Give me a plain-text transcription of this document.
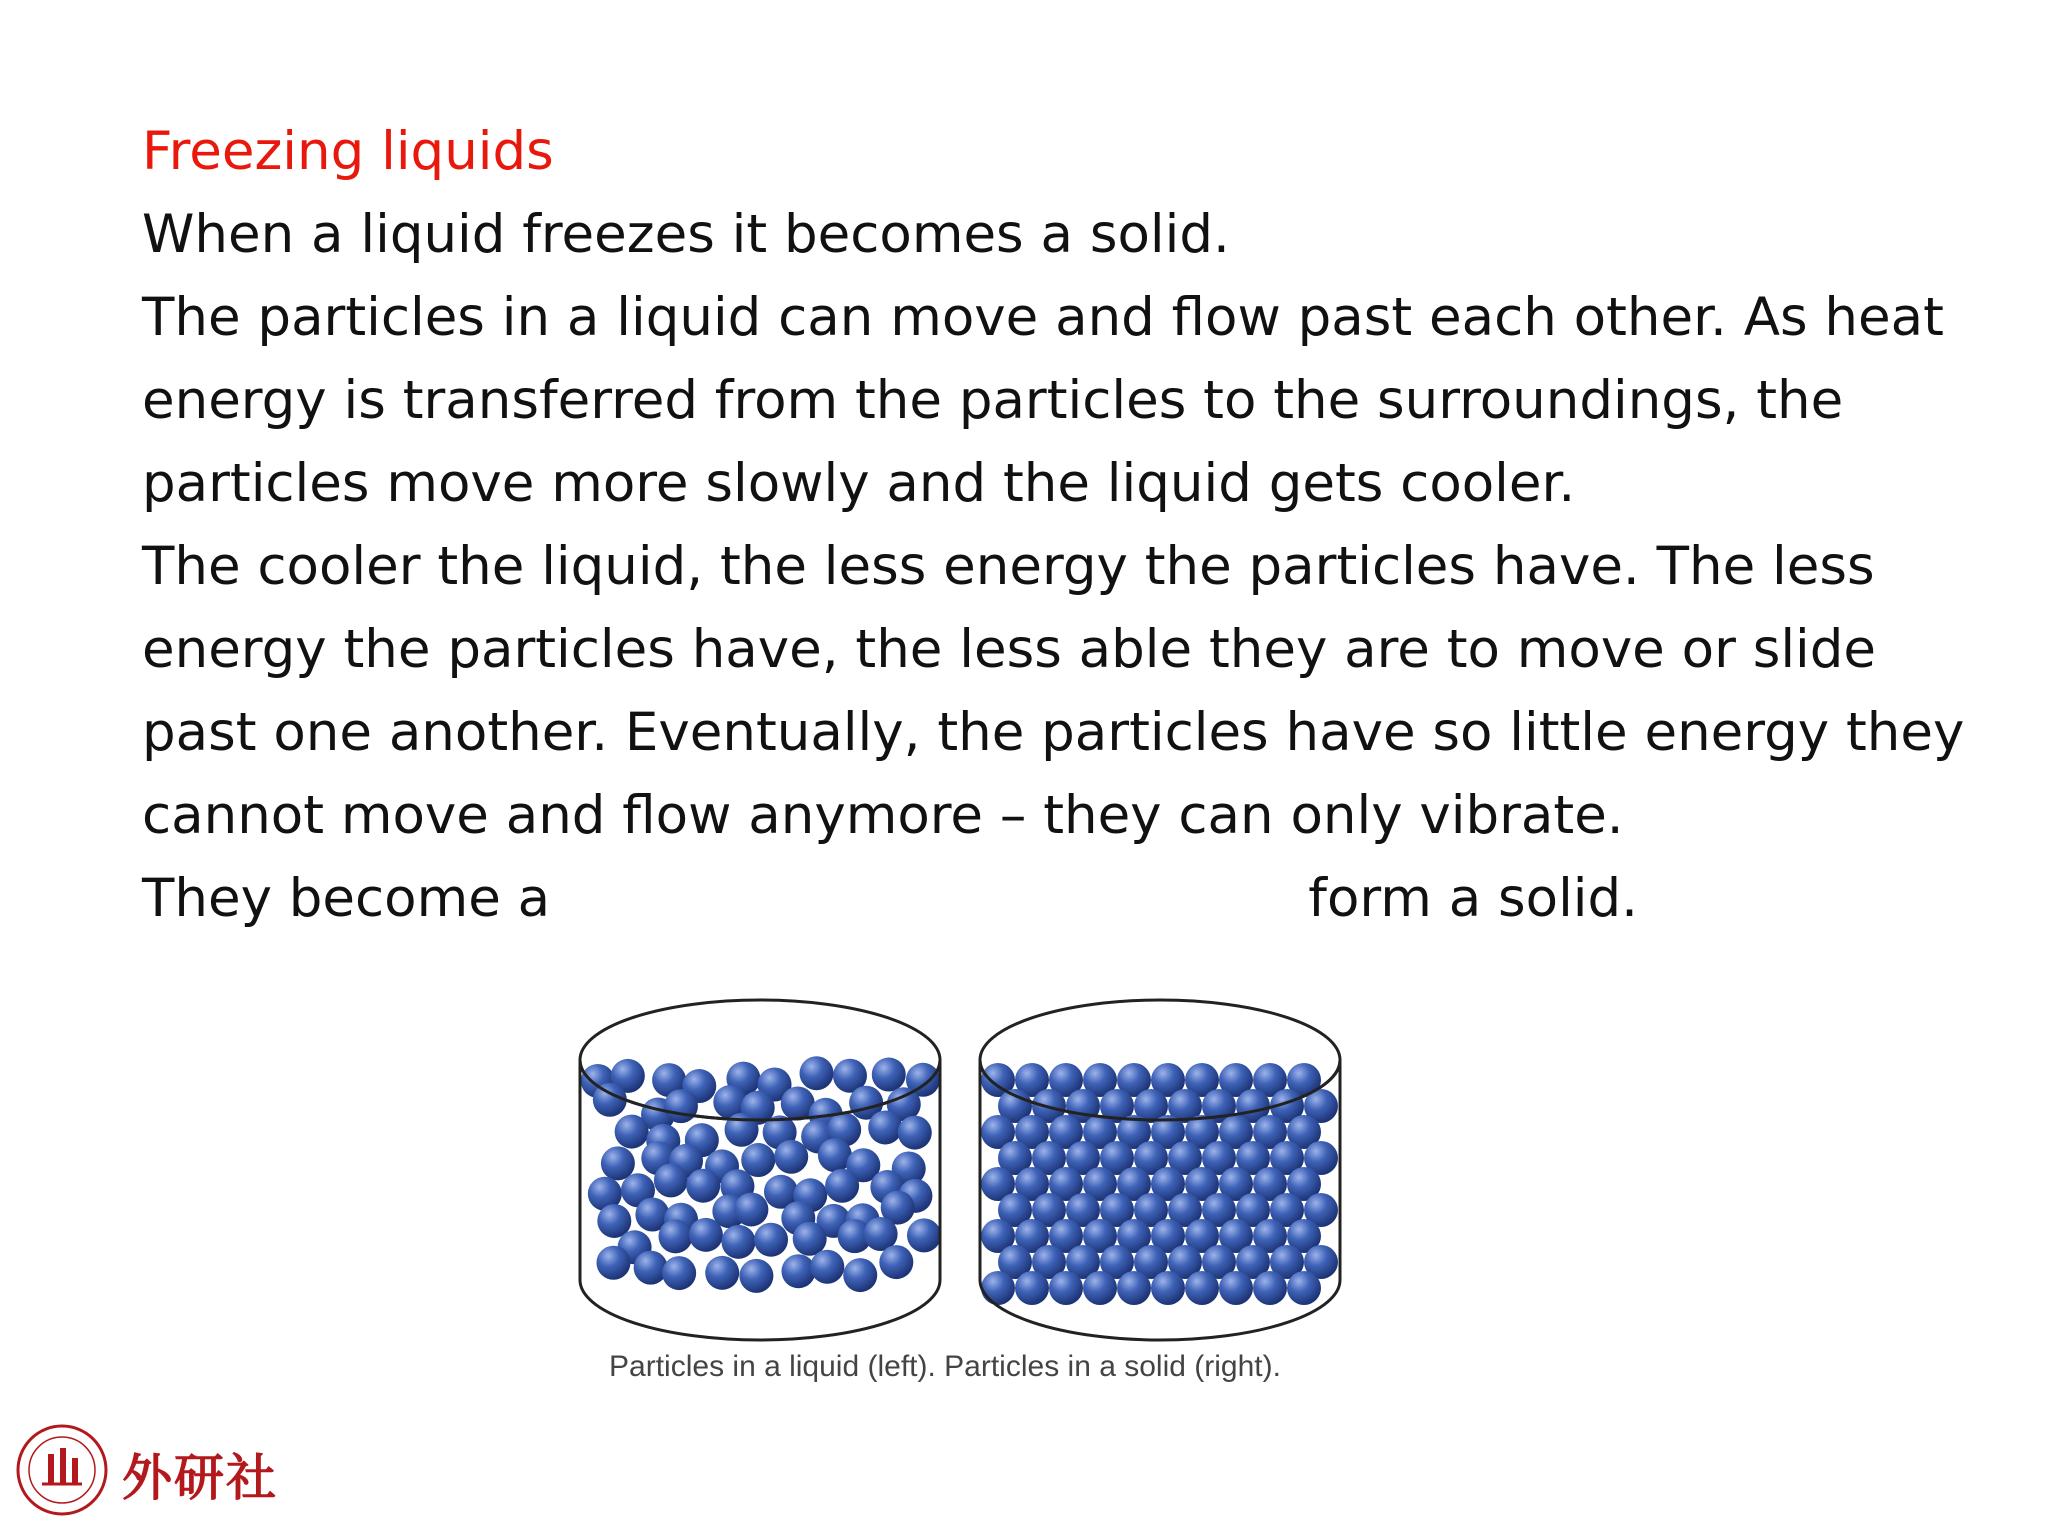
Freezing liquids
When a liquid freezes it becomes a solid.
The particles in a liquid can move and flow past each other. As heat energy is transferred from the particles to the surroundings, the particles move more slowly and the liquid gets cooler.
The cooler the liquid, the less energy the particles have. The less energy the particles have, the less able they are to move or slide past one another. Eventually, the particles have so little energy they cannot move and flow anymore – they can only vibrate.
They become a                                             form a solid.
Particles in a liquid (left). Particles in a solid (right).
外研社
